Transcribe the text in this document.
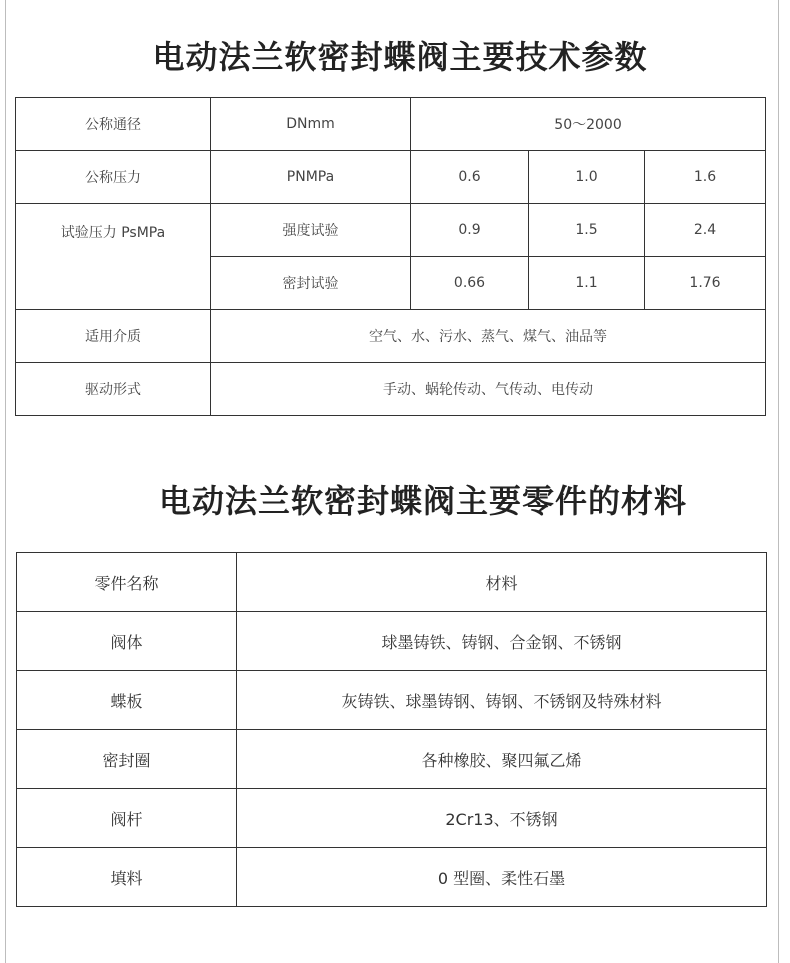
电动法兰软密封蝶阀主要技术参数
公称通径	DNmm	50～2000		
公称压力	PNMPa	0.6	1.0	1.6
试验压力 PsMPa	强度试验	0.9	1.5	2.4
	密封试验	0.66	1.1	1.76
适用介质	空气、水、污水、蒸气、煤气、油品等			
驱动形式	手动、蜗轮传动、气传动、电传动			
电动法兰软密封蝶阀主要零件的材料
零件名称	材料
阀体	球墨铸铁、铸钢、合金钢、不锈钢
蝶板	灰铸铁、球墨铸钢、铸钢、不锈钢及特殊材料
密封圈	各种橡胶、聚四氟乙烯
阀杆	2Cr13、不锈钢
填料	0 型圈、柔性石墨
